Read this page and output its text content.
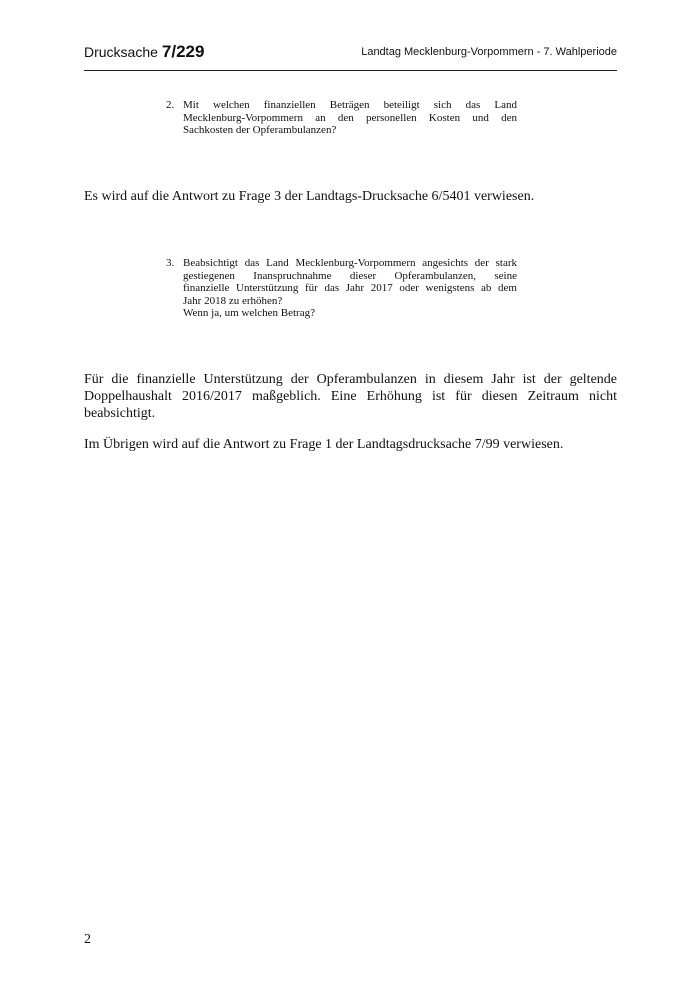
Drucksache 7/229	Landtag Mecklenburg-Vorpommern - 7. Wahlperiode
2. Mit welchen finanziellen Beträgen beteiligt sich das Land
Mecklenburg-Vorpommern an den personellen Kosten und den
Sachkosten der Opferambulanzen?
Es wird auf die Antwort zu Frage 3 der Landtags-Drucksache 6/5401 verwiesen.
3. Beabsichtigt das Land Mecklenburg-Vorpommern angesichts der stark
gestiegenen Inanspruchnahme dieser Opferambulanzen, seine
finanzielle Unterstützung für das Jahr 2017 oder wenigstens ab dem
Jahr 2018 zu erhöhen?
Wenn ja, um welchen Betrag?
Für die finanzielle Unterstützung der Opferambulanzen in diesem Jahr ist der geltende
Doppelhaushalt 2016/2017 maßgeblich. Eine Erhöhung ist für diesen Zeitraum nicht
beabsichtigt.
Im Übrigen wird auf die Antwort zu Frage 1 der Landtagsdrucksache 7/99 verwiesen.
2
